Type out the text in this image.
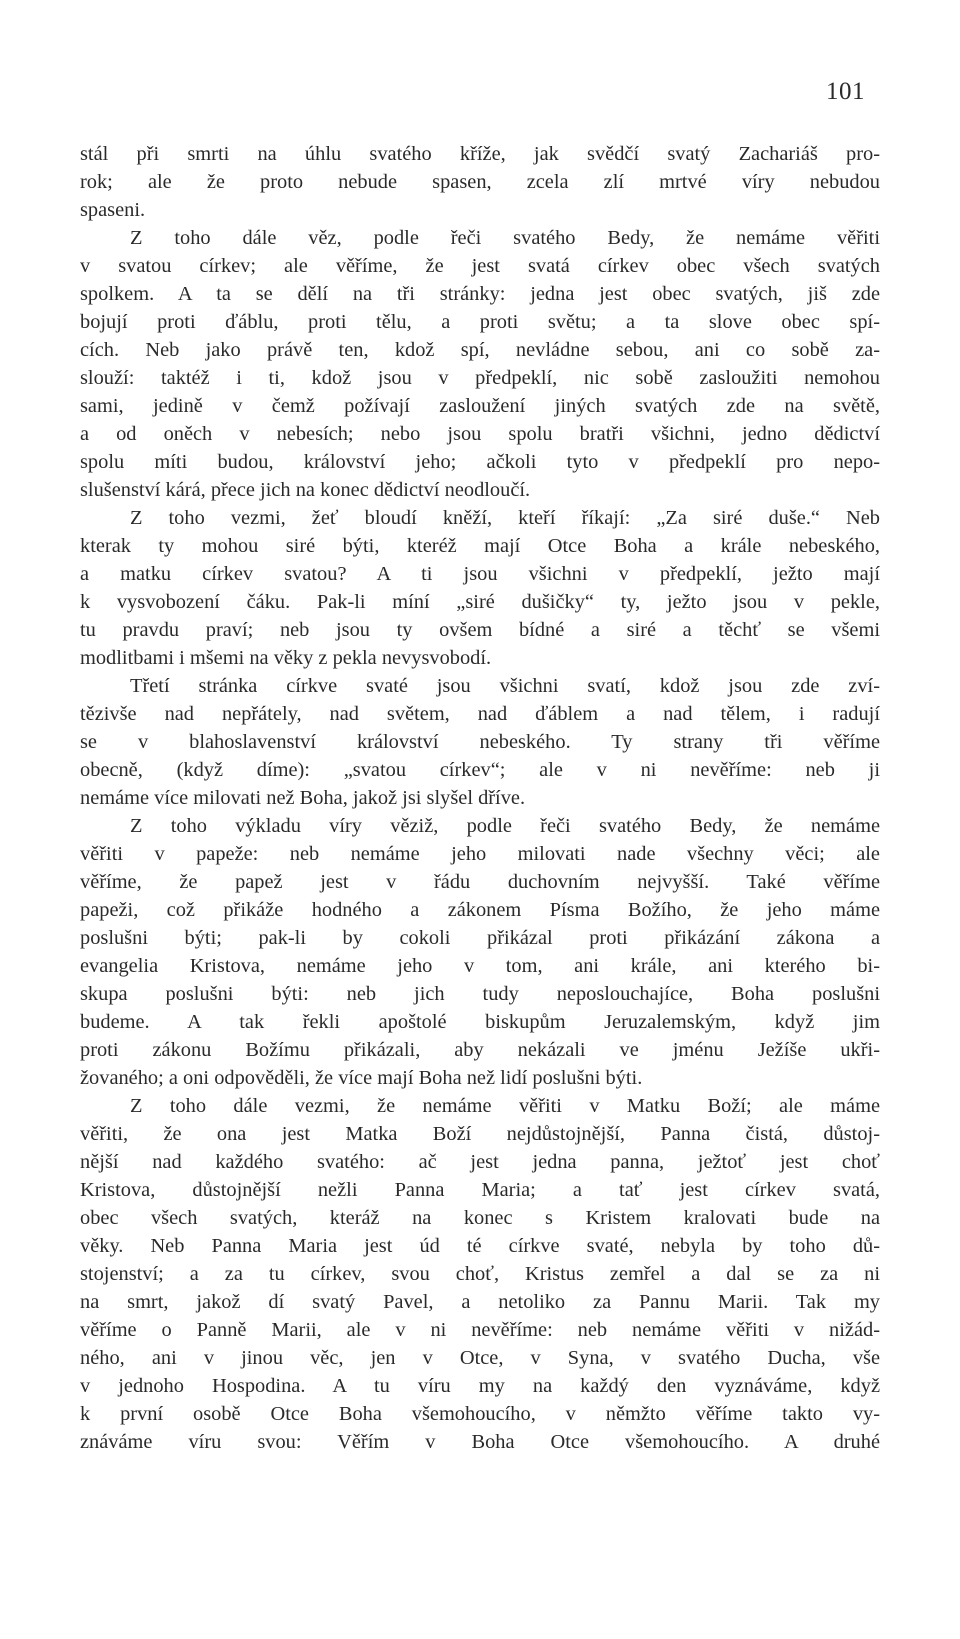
101
stál při smrti na úhlu svatého kříže, jak svědčí svatý Zachariáš pro-
rok; ale že proto nebude spasen, zcela zlí mrtvé víry nebudou
spaseni.
Z toho dále věz, podle řeči svatého Bedy, že nemáme věřiti
v svatou církev; ale věříme, že jest svatá církev obec všech svatých
spolkem. A ta se dělí na tři stránky: jedna jest obec svatých, jiš zde
bojují proti ďáblu, proti tělu, a proti světu; a ta slove obec spí-
cích. Neb jako právě ten, kdož spí, nevládne sebou, ani co sobě za-
slouží: taktéž i ti, kdož jsou v předpeklí, nic sobě zasloužiti nemohou
sami, jedině v čemž požívají zasloužení jiných svatých zde na světě,
a od oněch v nebesích; nebo jsou spolu bratři všichni, jedno dědictví
spolu míti budou, království jeho; ačkoli tyto v předpeklí pro nepo-
slušenství kárá, přece jich na konec dědictví neodloučí.
Z toho vezmi, žeť bloudí kněží, kteří říkají: „Za siré duše.“ Neb
kterak ty mohou siré býti, kteréž mají Otce Boha a krále nebeského,
a matku církev svatou? A ti jsou všichni v předpeklí, ježto mají
k vysvobození čáku. Pak-li míní „siré dušičky“ ty, ježto jsou v pekle,
tu pravdu praví; neb jsou ty ovšem bídné a siré a těchť se všemi
modlitbami i mšemi na věky z pekla nevysvobodí.
Třetí stránka církve svaté jsou všichni svatí, kdož jsou zde zví-
tězivše nad nepřátely, nad světem, nad ďáblem a nad tělem, i radují
se v blahoslavenství království nebeského. Ty strany tři věříme
obecně, (když díme): „svatou církev“; ale v ni nevěříme: neb ji
nemáme více milovati než Boha, jakož jsi slyšel dříve.
Z toho výkladu víry věziž, podle řeči svatého Bedy, že nemáme
věřiti v papeže: neb nemáme jeho milovati nade všechny věci; ale
věříme, že papež jest v řádu duchovním nejvyšší. Také věříme
papeži, což přikáže hodného a zákonem Písma Božího, že jeho máme
poslušni býti; pak-li by cokoli přikázal proti přikázání zákona a
evangelia Kristova, nemáme jeho v tom, ani krále, ani kterého bi-
skupa poslušni býti: neb jich tudy neposlouchajíce, Boha poslušni
budeme. A tak řekli apoštolé biskupům Jeruzalemským, když jim
proti zákonu Božímu přikázali, aby nekázali ve jménu Ježíše ukři-
žovaného; a oni odpověděli, že více mají Boha než lidí poslušni býti.
Z toho dále vezmi, že nemáme věřiti v Matku Boží; ale máme
věřiti, že ona jest Matka Boží nejdůstojnější, Panna čistá, důstoj-
nější nad každého svatého: ač jest jedna panna, ježtoť jest choť
Kristova, důstojnější nežli Panna Maria; a tať jest církev svatá,
obec všech svatých, kteráž na konec s Kristem kralovati bude na
věky. Neb Panna Maria jest úd té církve svaté, nebyla by toho dů-
stojenství; a za tu církev, svou choť, Kristus zemřel a dal se za ni
na smrt, jakož dí svatý Pavel, a netoliko za Pannu Marii. Tak my
věříme o Panně Marii, ale v ni nevěříme: neb nemáme věřiti v nižád-
ného, ani v jinou věc, jen v Otce, v Syna, v svatého Ducha, vše
v jednoho Hospodina. A tu víru my na každý den vyznáváme, když
k první osobě Otce Boha všemohoucího, v němžto věříme takto vy-
znáváme víru svou: Věřím v Boha Otce všemohoucího. A druhé
